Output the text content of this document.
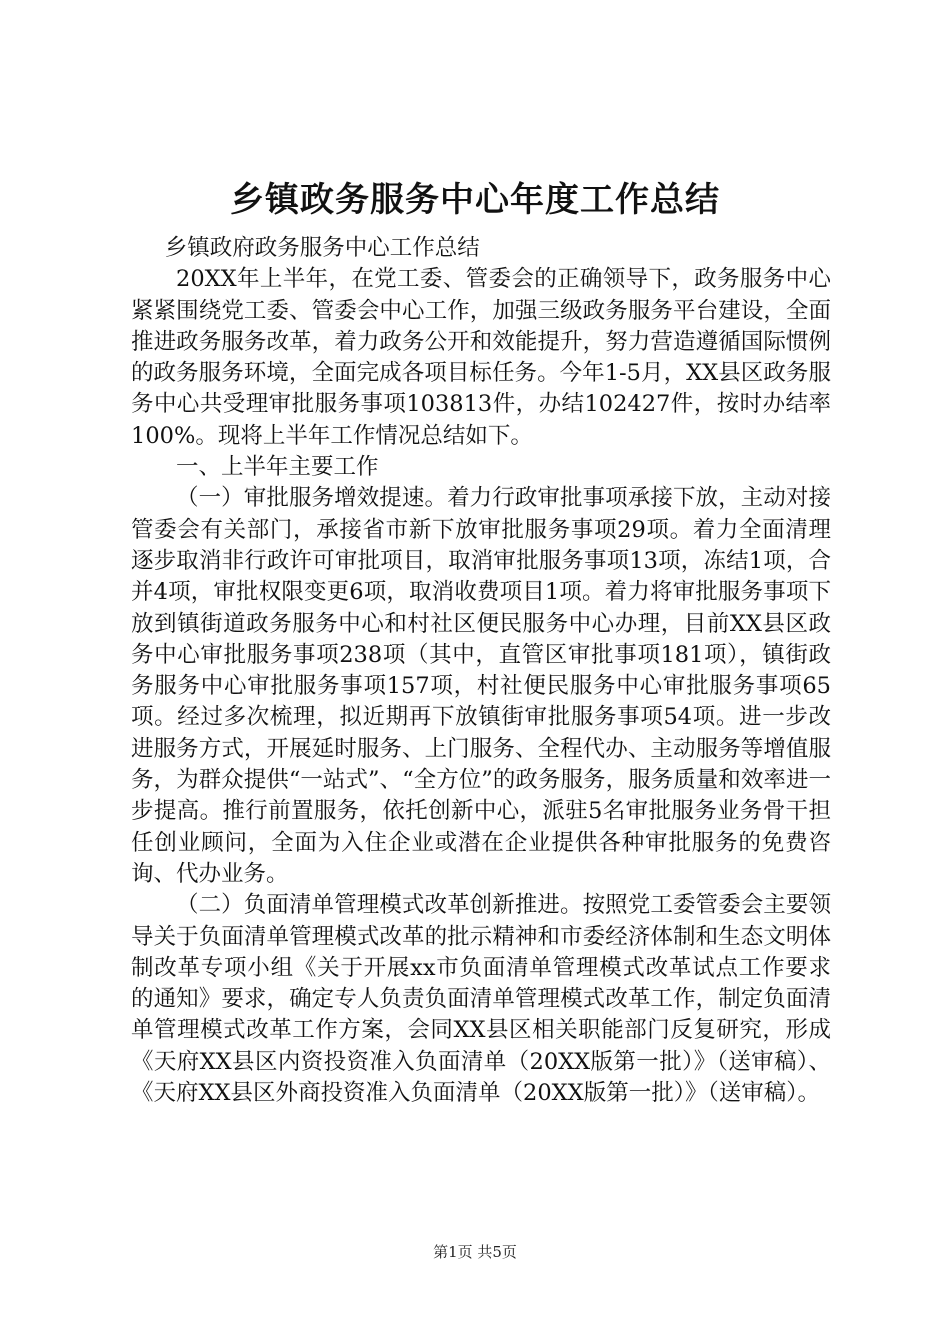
乡镇政务服务中心年度工作总结

乡镇政府政务服务中心工作总结

20XX年上半年，在党工委、管委会的正确领导下，政务服务中心紧紧围绕党工委、管委会中心工作，加强三级政务服务平台建设，全面推进政务服务改革，着力政务公开和效能提升，努力营造遵循国际惯例的政务服务环境，全面完成各项目标任务。今年1-5月，XX县区政务服务中心共受理审批服务事项103813件，办结102427件，按时办结率100%。现将上半年工作情况总结如下。

一、上半年主要工作

（一）审批服务增效提速。着力行政审批事项承接下放，主动对接管委会有关部门，承接省市新下放审批服务事项29项。着力全面清理逐步取消非行政许可审批项目，取消审批服务事项13项，冻结1项，合并4项，审批权限变更6项，取消收费项目1项。着力将审批服务事项下放到镇街道政务服务中心和村社区便民服务中心办理，目前XX县区政务中心审批服务事项238项（其中，直管区审批事项181项），镇街政务服务中心审批服务事项157项，村社便民服务中心审批服务事项65项。经过多次梳理，拟近期再下放镇街审批服务事项54项。进一步改进服务方式，开展延时服务、上门服务、全程代办、主动服务等增值服务，为群众提供“一站式”、“全方位”的政务服务，服务质量和效率进一步提高。推行前置服务，依托创新中心，派驻5名审批服务业务骨干担任创业顾问，全面为入住企业或潜在企业提供各种审批服务的免费咨询、代办业务。

（二）负面清单管理模式改革创新推进。按照党工委管委会主要领导关于负面清单管理模式改革的批示精神和市委经济体制和生态文明体制改革专项小组《关于开展xx市负面清单管理模式改革试点工作要求的通知》要求，确定专人负责负面清单管理模式改革工作，制定负面清单管理模式改革工作方案，会同XX县区相关职能部门反复研究，形成《天府XX县区内资投资准入负面清单（20XX版第一批）》（送审稿）、《天府XX县区外商投资准入负面清单（20XX版第一批）》（送审稿）。

第1页 共5页
